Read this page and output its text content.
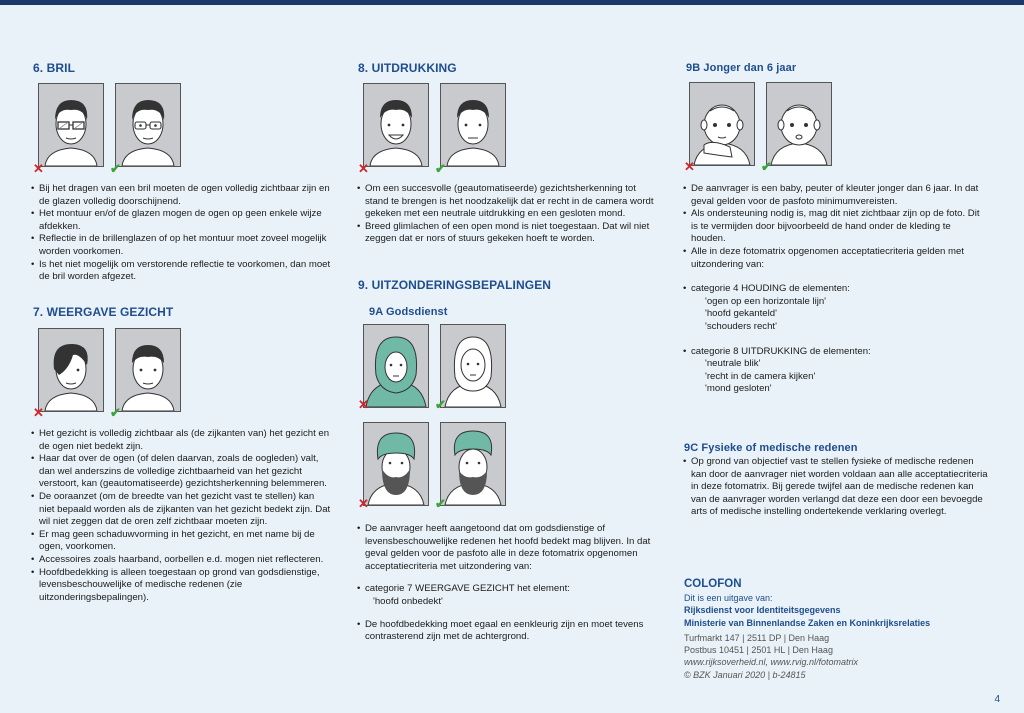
6. BRIL
✕	✔
• Bij het dragen van een bril moeten de ogen volledig zichtbaar zijn en de glazen volledig doorschijnend.
• Het montuur en/of de glazen mogen de ogen op geen enkele wijze afdekken.
• Reflectie in de brillenglazen of op het montuur moet zoveel mogelijk worden voorkomen.
• Is het niet mogelijk om verstorende reflectie te voorkomen, dan moet de bril worden afgezet.
7. WEERGAVE GEZICHT
✕	✔
• Het gezicht is volledig zichtbaar als (de zijkanten van) het gezicht en de ogen niet bedekt zijn.
• Haar dat over de ogen (of delen daarvan, zoals de oogleden) valt, dan wel anderszins de volledige zichtbaarheid van het gezicht verstoort, kan (geautomatiseerde) gezichtsherkenning belemmeren.
• De ooraanzet (om de breedte van het gezicht vast te stellen) kan niet bepaald worden als de zijkanten van het gezicht bedekt zijn. Dat wil niet zeggen dat de oren zelf zichtbaar moeten zijn.
• Er mag geen schaduwvorming in het gezicht, en met name bij de ogen, voorkomen.
• Accessoires zoals haarband, oorbellen e.d. mogen niet reflecteren.
• Hoofdbedekking is alleen toegestaan op grond van godsdienstige, levensbeschouwelijke of medische redenen (zie uitzonderingsbepalingen).
8. UITDRUKKING
✕	✔
• Om een succesvolle (geautomatiseerde) gezichtsherkenning tot stand te brengen is het noodzakelijk dat er recht in de camera wordt gekeken met een neutrale uitdrukking en een gesloten mond.
• Breed glimlachen of een open mond is niet toegestaan. Dat wil niet zeggen dat er nors of stuurs gekeken hoeft te worden.
9. UITZONDERINGSBEPALINGEN
9A Godsdienst
✕	✔
✕	✔
• De aanvrager heeft aangetoond dat om godsdienstige of levensbeschouwelijke redenen het hoofd bedekt mag blijven. In dat geval gelden voor de pasfoto alle in deze fotomatrix opgenomen acceptatiecriteria met uitzondering van:
• categorie 7 WEERGAVE GEZICHT het element:
'hoofd onbedekt'
• De hoofdbedekking moet egaal en eenkleurig zijn en moet tevens contrasterend zijn met de achtergrond.
9B Jonger dan 6 jaar
✕	✔
• De aanvrager is een baby, peuter of kleuter jonger dan 6 jaar. In dat geval gelden voor de pasfoto minimumvereisten.
• Als ondersteuning nodig is, mag dit niet zichtbaar zijn op de foto. Dit is te vermijden door bijvoorbeeld de hand onder de kleding te houden.
• Alle in deze fotomatrix opgenomen acceptatiecriteria gelden met uitzondering van:
• categorie 4 HOUDING de elementen:
'ogen op een horizontale lijn'
'hoofd gekanteld'
'schouders recht'
• categorie 8 UITDRUKKING de elementen:
'neutrale blik'
'recht in de camera kijken'
'mond gesloten'
9C Fysieke of medische redenen
• Op grond van objectief vast te stellen fysieke of medische redenen kan door de aanvrager niet worden voldaan aan alle acceptatiecriteria in deze fotomatrix. Bij gerede twijfel aan de medische redenen kan van de aanvrager worden verlangd dat deze een door een bevoegde arts of medische instelling ondertekende verklaring overlegt.
COLOFON
Dit is een uitgave van:
Rijksdienst voor Identiteitsgegevens
Ministerie van Binnenlandse Zaken en Koninkrijksrelaties
Turfmarkt 147 | 2511 DP | Den Haag
Postbus 10451 | 2501 HL | Den Haag
www.rijksoverheid.nl, www.rvig.nl/fotomatrix
© BZK Januari 2020 | b-24815
4
